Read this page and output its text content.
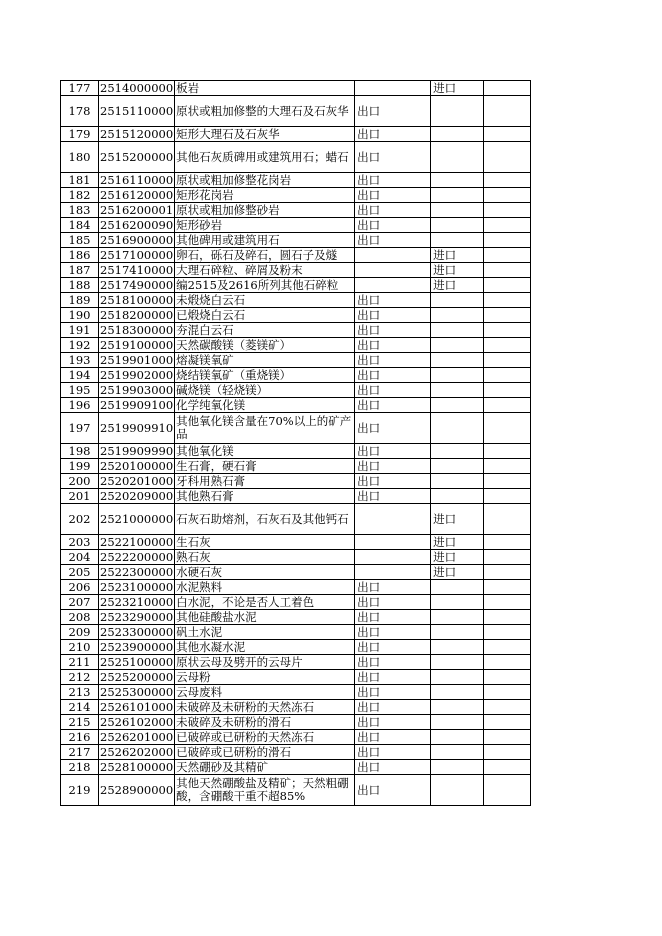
177	2514000000	板岩		进口	
178	2515110000	原状或粗加修整的大理石及石灰华	出口		
179	2515120000	矩形大理石及石灰华	出口		
180	2515200000	其他石灰质碑用或建筑用石；蜡石	出口		
181	2516110000	原状或粗加修整花岗岩	出口		
182	2516120000	矩形花岗岩	出口		
183	2516200001	原状或粗加修整砂岩	出口		
184	2516200090	矩形砂岩	出口		
185	2516900000	其他碑用或建筑用石	出口		
186	2517100000	卵石，砾石及碎石，圆石子及燧		进口	
187	2517410000	大理石碎粒、碎屑及粉末		进口	
188	2517490000	编2515及2616所列其他石碎粒		进口	
189	2518100000	未煅烧白云石	出口		
190	2518200000	已煅烧白云石	出口		
191	2518300000	夯混白云石	出口		
192	2519100000	天然碳酸镁（菱镁矿）	出口		
193	2519901000	熔凝镁氧矿	出口		
194	2519902000	烧结镁氧矿（重烧镁）	出口		
195	2519903000	碱烧镁（轻烧镁）	出口		
196	2519909100	化学纯氧化镁	出口		
197	2519909910	其他氧化镁含量在70%以上的矿产品	出口		
198	2519909990	其他氧化镁	出口		
199	2520100000	生石膏，硬石膏	出口		
200	2520201000	牙科用熟石膏	出口		
201	2520209000	其他熟石膏	出口		
202	2521000000	石灰石助熔剂，石灰石及其他钙石		进口	
203	2522100000	生石灰		进口	
204	2522200000	熟石灰		进口	
205	2522300000	水硬石灰		进口	
206	2523100000	水泥熟料	出口		
207	2523210000	白水泥，不论是否人工着色	出口		
208	2523290000	其他硅酸盐水泥	出口		
209	2523300000	矾土水泥	出口		
210	2523900000	其他水凝水泥	出口		
211	2525100000	原状云母及劈开的云母片	出口		
212	2525200000	云母粉	出口		
213	2525300000	云母废料	出口		
214	2526101000	未破碎及未研粉的天然冻石	出口		
215	2526102000	未破碎及未研粉的滑石	出口		
216	2526201000	已破碎或已研粉的天然冻石	出口		
217	2526202000	已破碎或已研粉的滑石	出口		
218	2528100000	天然硼砂及其精矿	出口		
219	2528900000	其他天然硼酸盐及精矿；天然粗硼酸，含硼酸干重不超85%	出口		
